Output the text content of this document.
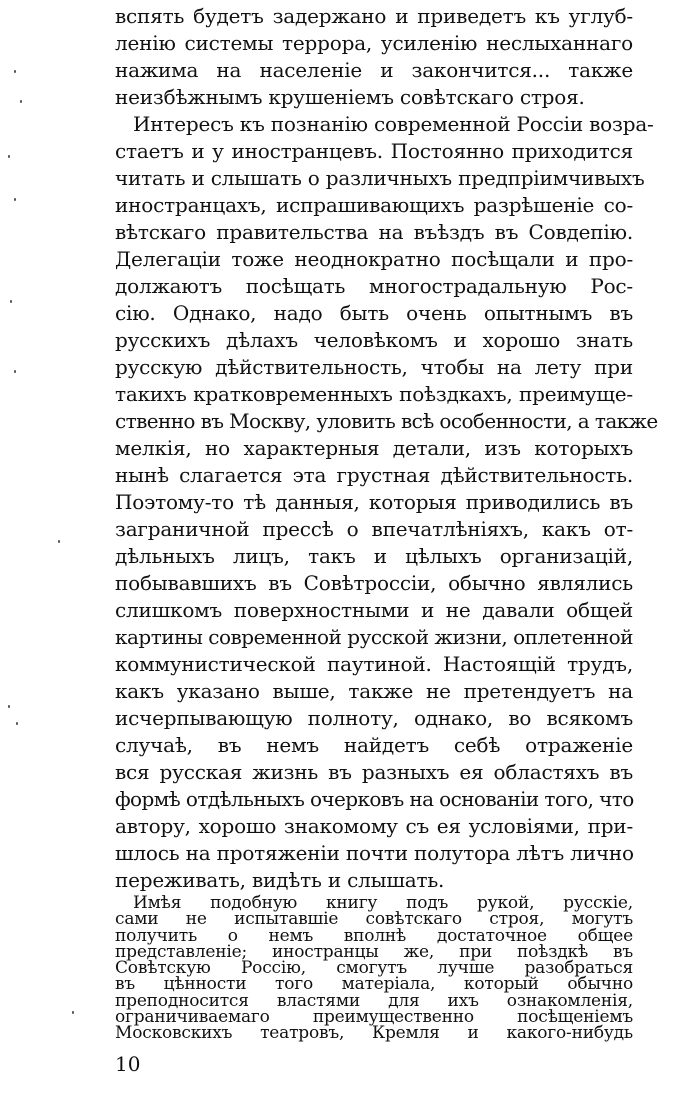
вспять будетъ задержано и приведетъ къ углуб-
ленію системы террора, усиленію неслыханнаго
нажима на населеніе и закончится... также
неизбѣжнымъ крушеніемъ совѣтскаго строя.
Интересъ къ познанію современной Россіи возра-
стаетъ и у иностранцевъ. Постоянно приходится
читать и слышать о различныхъ предпріимчивыхъ
иностранцахъ, испрашивающихъ разрѣшеніе со-
вѣтскаго правительства на въѣздъ въ Совдепію.
Делегаціи тоже неоднократно посѣщали и про-
должаютъ посѣщать многострадальную Рос-
сію. Однако, надо быть очень опытнымъ въ
русскихъ дѣлахъ человѣкомъ и хорошо знать
русскую дѣйствительность, чтобы на лету при
такихъ кратковременныхъ поѣздкахъ, преимуще-
ственно въ Москву, уловить всѣ особенности, а также
мелкія, но характерныя детали, изъ которыхъ
нынѣ слагается эта грустная дѣйствительность.
Поэтому-то тѣ данныя, которыя приводились въ
заграничной прессѣ о впечатлѣніяхъ, какъ от-
дѣльныхъ лицъ, такъ и цѣлыхъ организацій,
побывавшихъ въ Совѣтроссіи, обычно являлись
слишкомъ поверхностными и не давали общей
картины современной русской жизни, оплетенной
коммунистической паутиной. Настоящій трудъ,
какъ указано выше, также не претендуетъ на
исчерпывающую полноту, однако, во всякомъ
случаѣ, въ немъ найдетъ себѣ отраженіе
вся русская жизнь въ разныхъ ея областяхъ въ
формѣ отдѣльныхъ очерковъ на основаніи того, что
автору, хорошо знакомому съ ея условіями, при-
шлось на протяженіи почти полутора лѣтъ лично
переживать, видѣть и слышать.
Имѣя подобную книгу подъ рукой, русскіе,
сами не испытавшіе совѣтскаго строя, могутъ
получить о немъ вполнѣ достаточное общее
представленіе; иностранцы же, при поѣздкѣ въ
Совѣтскую Россію, смогутъ лучше разобраться
въ цѣнности того матеріала, который обычно
преподносится властями для ихъ ознакомленія,
ограничиваемаго преимущественно посѣщеніемъ
Московскихъ театровъ, Кремля и какого-нибудь
10
